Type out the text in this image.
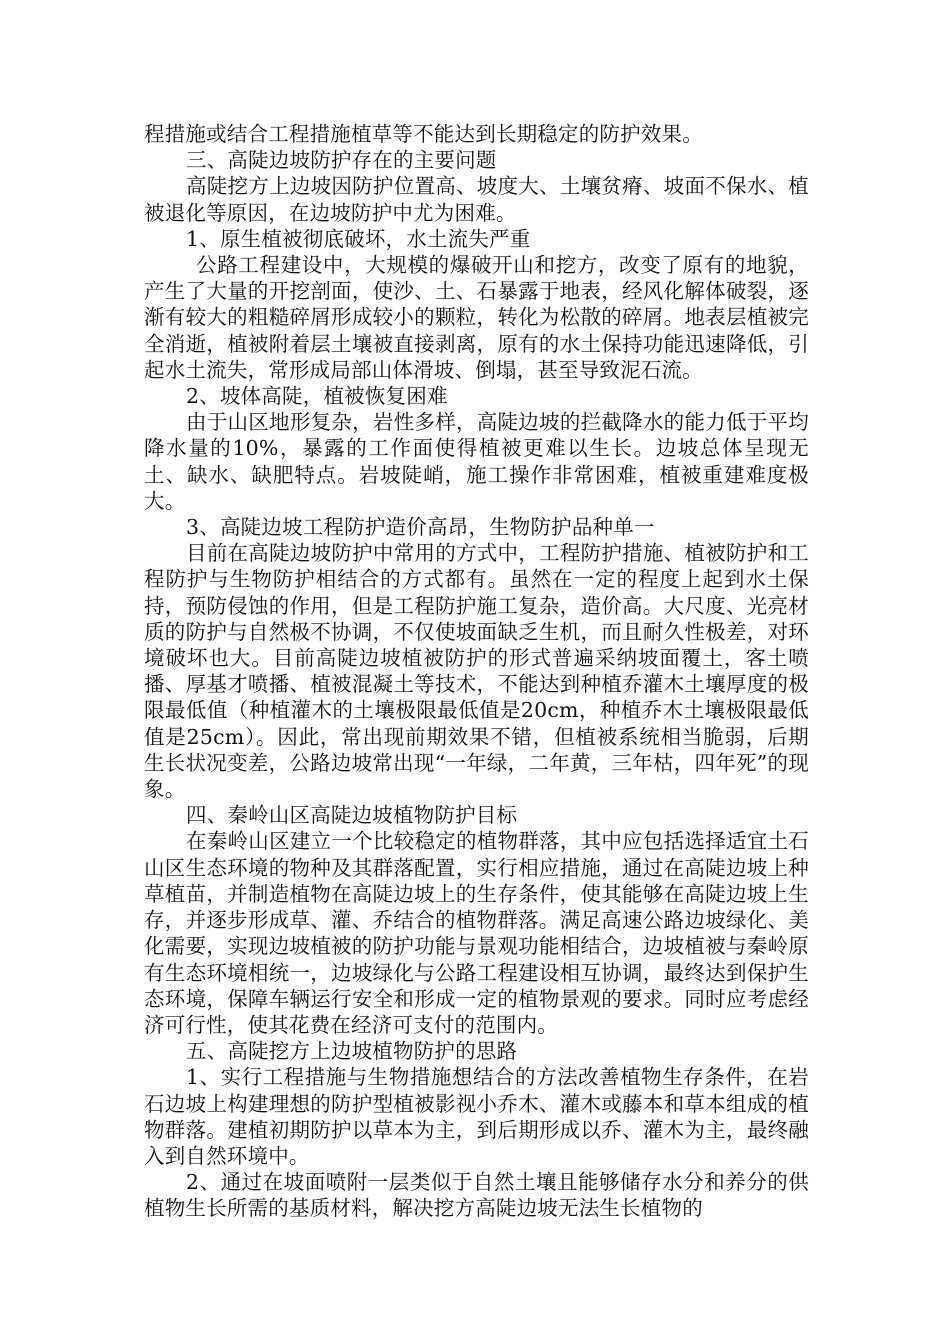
程措施或结合工程措施植草等不能达到长期稳定的防护效果。

三、高陡边坡防护存在的主要问题

高陡挖方上边坡因防护位置高、坡度大、土壤贫瘠、坡面不保水、植被退化等原因，在边坡防护中尤为困难。

1、原生植被彻底破坏，水土流失严重

公路工程建设中，大规模的爆破开山和挖方，改变了原有的地貌，产生了大量的开挖剖面，使沙、土、石暴露于地表，经风化解体破裂，逐渐有较大的粗糙碎屑形成较小的颗粒，转化为松散的碎屑。地表层植被完全消逝，植被附着层土壤被直接剥离，原有的水土保持功能迅速降低，引起水土流失，常形成局部山体滑坡、倒塌，甚至导致泥石流。

2、坡体高陡，植被恢复困难

由于山区地形复杂，岩性多样，高陡边坡的拦截降水的能力低于平均降水量的10%，暴露的工作面使得植被更难以生长。边坡总体呈现无土、缺水、缺肥特点。岩坡陡峭，施工操作非常困难，植被重建难度极大。

3、高陡边坡工程防护造价高昂，生物防护品种单一

目前在高陡边坡防护中常用的方式中，工程防护措施、植被防护和工程防护与生物防护相结合的方式都有。虽然在一定的程度上起到水土保持，预防侵蚀的作用，但是工程防护施工复杂，造价高。大尺度、光亮材质的防护与自然极不协调，不仅使坡面缺乏生机，而且耐久性极差，对环境破坏也大。目前高陡边坡植被防护的形式普遍采纳坡面覆土，客土喷播、厚基才喷播、植被混凝土等技术，不能达到种植乔灌木土壤厚度的极限最低值（种植灌木的土壤极限最低值是20cm，种植乔木土壤极限最低值是25cm）。因此，常出现前期效果不错，但植被系统相当脆弱，后期生长状况变差，公路边坡常出现“一年绿，二年黄，三年枯，四年死”的现象。

四、秦岭山区高陡边坡植物防护目标

在秦岭山区建立一个比较稳定的植物群落，其中应包括选择适宜土石山区生态环境的物种及其群落配置，实行相应措施，通过在高陡边坡上种草植苗，并制造植物在高陡边坡上的生存条件，使其能够在高陡边坡上生存，并逐步形成草、灌、乔结合的植物群落。满足高速公路边坡绿化、美化需要，实现边坡植被的防护功能与景观功能相结合，边坡植被与秦岭原有生态环境相统一，边坡绿化与公路工程建设相互协调，最终达到保护生态环境，保障车辆运行安全和形成一定的植物景观的要求。同时应考虑经济可行性，使其花费在经济可支付的范围内。

五、高陡挖方上边坡植物防护的思路

1、实行工程措施与生物措施想结合的方法改善植物生存条件，在岩石边坡上构建理想的防护型植被影视小乔木、灌木或藤本和草本组成的植物群落。建植初期防护以草本为主，到后期形成以乔、灌木为主，最终融入到自然环境中。

2、通过在坡面喷附一层类似于自然土壤且能够储存水分和养分的供植物生长所需的基质材料，解决挖方高陡边坡无法生长植物的
